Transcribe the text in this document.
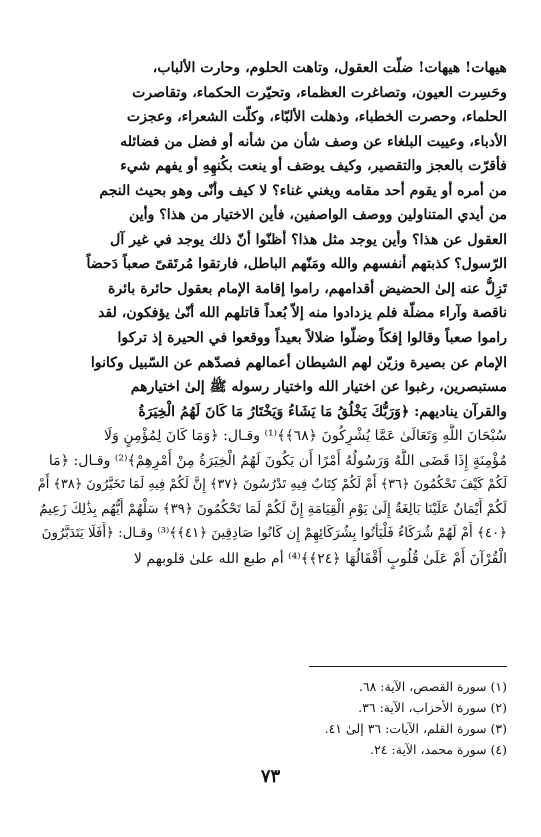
هيهات! هيهات! ضلّت العقول، وتاهت الحلوم، وحارت الألباب،
وحَسِرت العيون، وتصاغرت العظماء، وتحيّرت الحكماء، وتقاصرت
الحلماء، وحصرت الخطباء، وذهلت الألبّاء، وكلّت الشعراء، وعجزت
الأدباء، وعييت البلغاء عن وصف شأن من شأنه أو فضل من فضائله
فأقرّت بالعجز والتقصير، وكيف يوصَف أو ينعت بكُنهِهِ أو يفهم شيء
من أمره أو يقوم أحد مقامه ويغني غناء؟ لا كيف وأنّى وهو بحيث النجم
من أيدي المتناولين ووصف الواصفين، فأين الاختيار من هذا؟ وأين
العقول عن هذا؟ وأين يوجد مثل هذا؟ أظنّوا أنّ ذلك يوجد في غير آل
الرّسول؟ كذبتهم أنفسهم والله ومَنّهم الباطل، فارتقوا مُرتَقىً صعباً دَحضاً
تَزِلُّ عنه إلىٰ الحضيض أقدامهم، راموا إقامة الإمام بعقول حائرة بائرة
ناقصة وآراء مضلّة فلم يزدادوا منه إلاّ بُعداً قاتلهم الله أنّىٰ يؤفكون، لقد
راموا صعباً وقالوا إفكاً وضلّوا ضلالاً بعيداً ووقعوا في الحيرة إذ تركوا
الإمام عن بصيرة وزيّن لهم الشيطان أعمالهم فصدّهم عن السّبيل وكانوا
مستبصرين، رغبوا عن اختيار الله واختيار رسوله ﷺ إلىٰ اختيارهم
والقرآن يناديهم: ﴿وَرَبُّكَ يَخْلُقُ مَا يَشَاءُ وَيَخْتَارُ مَا كَانَ لَهُمُ الْخِيَرَةُ
سُبْحَانَ اللَّهِ وَتَعَالَىٰ عَمَّا يُشْرِكُونَ ﴿٦٨﴾﴾⁽¹⁾ وقـال: ﴿وَمَا كَانَ لِمُؤْمِنٍ وَلَا
مُؤْمِنَةٍ إِذَا قَضَى اللَّهُ وَرَسُولُهُ أَمْرًا أَن يَكُونَ لَهُمُ الْخِيَرَةُ مِنْ أَمْرِهِمْ﴾⁽²⁾ وقـال: ﴿مَا
لَكُمْ كَيْفَ تَحْكُمُونَ ﴿٣٦﴾ أَمْ لَكُمْ كِتَابٌ فِيهِ تَدْرُسُونَ ﴿٣٧﴾ إِنَّ لَكُمْ فِيهِ لَمَا تَخَيَّرُونَ ﴿٣٨﴾ أَمْ
لَكُمْ أَيْمَانٌ عَلَيْنَا بَالِغَةٌ إِلَىٰ يَوْمِ الْقِيَامَةِ إِنَّ لَكُمْ لَمَا تَحْكُمُونَ ﴿٣٩﴾ سَلْهُمْ أَيُّهُم بِذَٰلِكَ زَعِيمٌ
﴿٤٠﴾ أَمْ لَهُمْ شُرَكَاءُ فَلْيَأْتُوا بِشُرَكَائِهِمْ إِن كَانُوا صَادِقِينَ ﴿٤١﴾﴾⁽³⁾ وقـال: ﴿أَفَلَا يَتَدَبَّرُونَ
الْقُرْآنَ أَمْ عَلَىٰ قُلُوبٍ أَقْفَالُهَا ﴿٢٤﴾﴾⁽⁴⁾ أم طبع الله علىٰ قلوبهم لا
(١) سورة القصص، الآية: ٦٨.
(٢) سورة الأحزاب، الآية: ٣٦.
(٣) سورة القلم، الآيات: ٣٦ إلىٰ ٤١.
(٤) سورة محمد، الآية: ٢٤.
٧٣
